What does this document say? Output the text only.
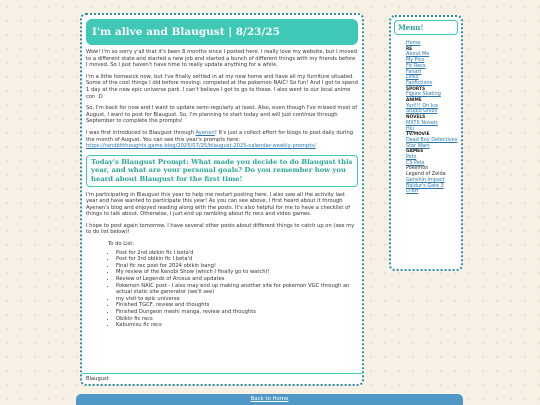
I'm alive and Blaugust | 8/23/25

Wow! I'm so sorry y'all that it's been 8 months since I posted here. I really love my website, but I moved to a different state and started a new job and started a bunch of different things with my friends before I moved. So I just haven't have time to really update anything for a while.

I'm a little homesick now, but I've finally settled in at my new home and have all my furniture situated. Some of the cool things I did before moving: competed at the pokemon NAIC! So fun! And I got to spend 1 day at the new epic universe park. I can't believe I got to go to these. I also went to our local anime con :D

So, I'm back for now and I want to update semi-regularly at least. Also, even though I've missed most of August, I want to post for Blaugust. So, I'm planning to start today and will just continue through September to complete the prompts!

I was first introduced to Blaugust through Ayenen! It's just a collect effort for blogs to post daily during the month of August. You can see this year's prompts here:
https://randbitthoughts.game.blog/2025/07/25/blaugust-2025-calendar-weekly-prompts/

Today's Blaugust Prompt: What made you decide to do Blaugust this year, and what are your personal goals? Do you remember how you heard about Blaugust for the first time!

I'm participating in Blaugust this year to help me restart posting here. I also saw all the activity last year and have wanted to participate this year! As you can see above, I first heard about it through Ayenen's blog and enjoyed reading along with the posts. It's also helpful for me to have a checklist of things to talk about. Otherwise, I just end up rambling about fic recs and video games.

I hope to post again tomorrow. I have several other posts about different things to catch up on (see my to do list below)!

To do List:
• Post for 2nd obikin fic I beta'd
• Post for 3rd obikin fic I beta'd
• Final fic rec post for 2024 obikin bang!
• My review of the Kenobi Show (which I finally go to watch)!
• Review of Legends of Arceus and updates
• Pokemon NAIC post - I also may end up making another site for pokemon VGC through an actual static site generator (we'll see)
• my visit to epic universe
• Finished TGCF, review and thoughts
• Finished Dungeon meshi manga, review and thoughts
• Obikin fic recs
• Kabumisu fic recs
Blaugust
Menu!
Home
RE
About Me
My Pics
Fic Recs
Fanart
Links
Fanfictions
SPORTS
Figure Skating
ANIME
Yuri!!! On Ice
Studio Ghibli
NOVELS
MXTX Novels
Hlu
TV/MOVIE
Dead Boy Detectives
Star Wars
GAMES
Petz
CS Pets
Pokemon
Legend of Zelda
Genshin Impact
Baldur's Gate 3
D-BH
Back to Home
